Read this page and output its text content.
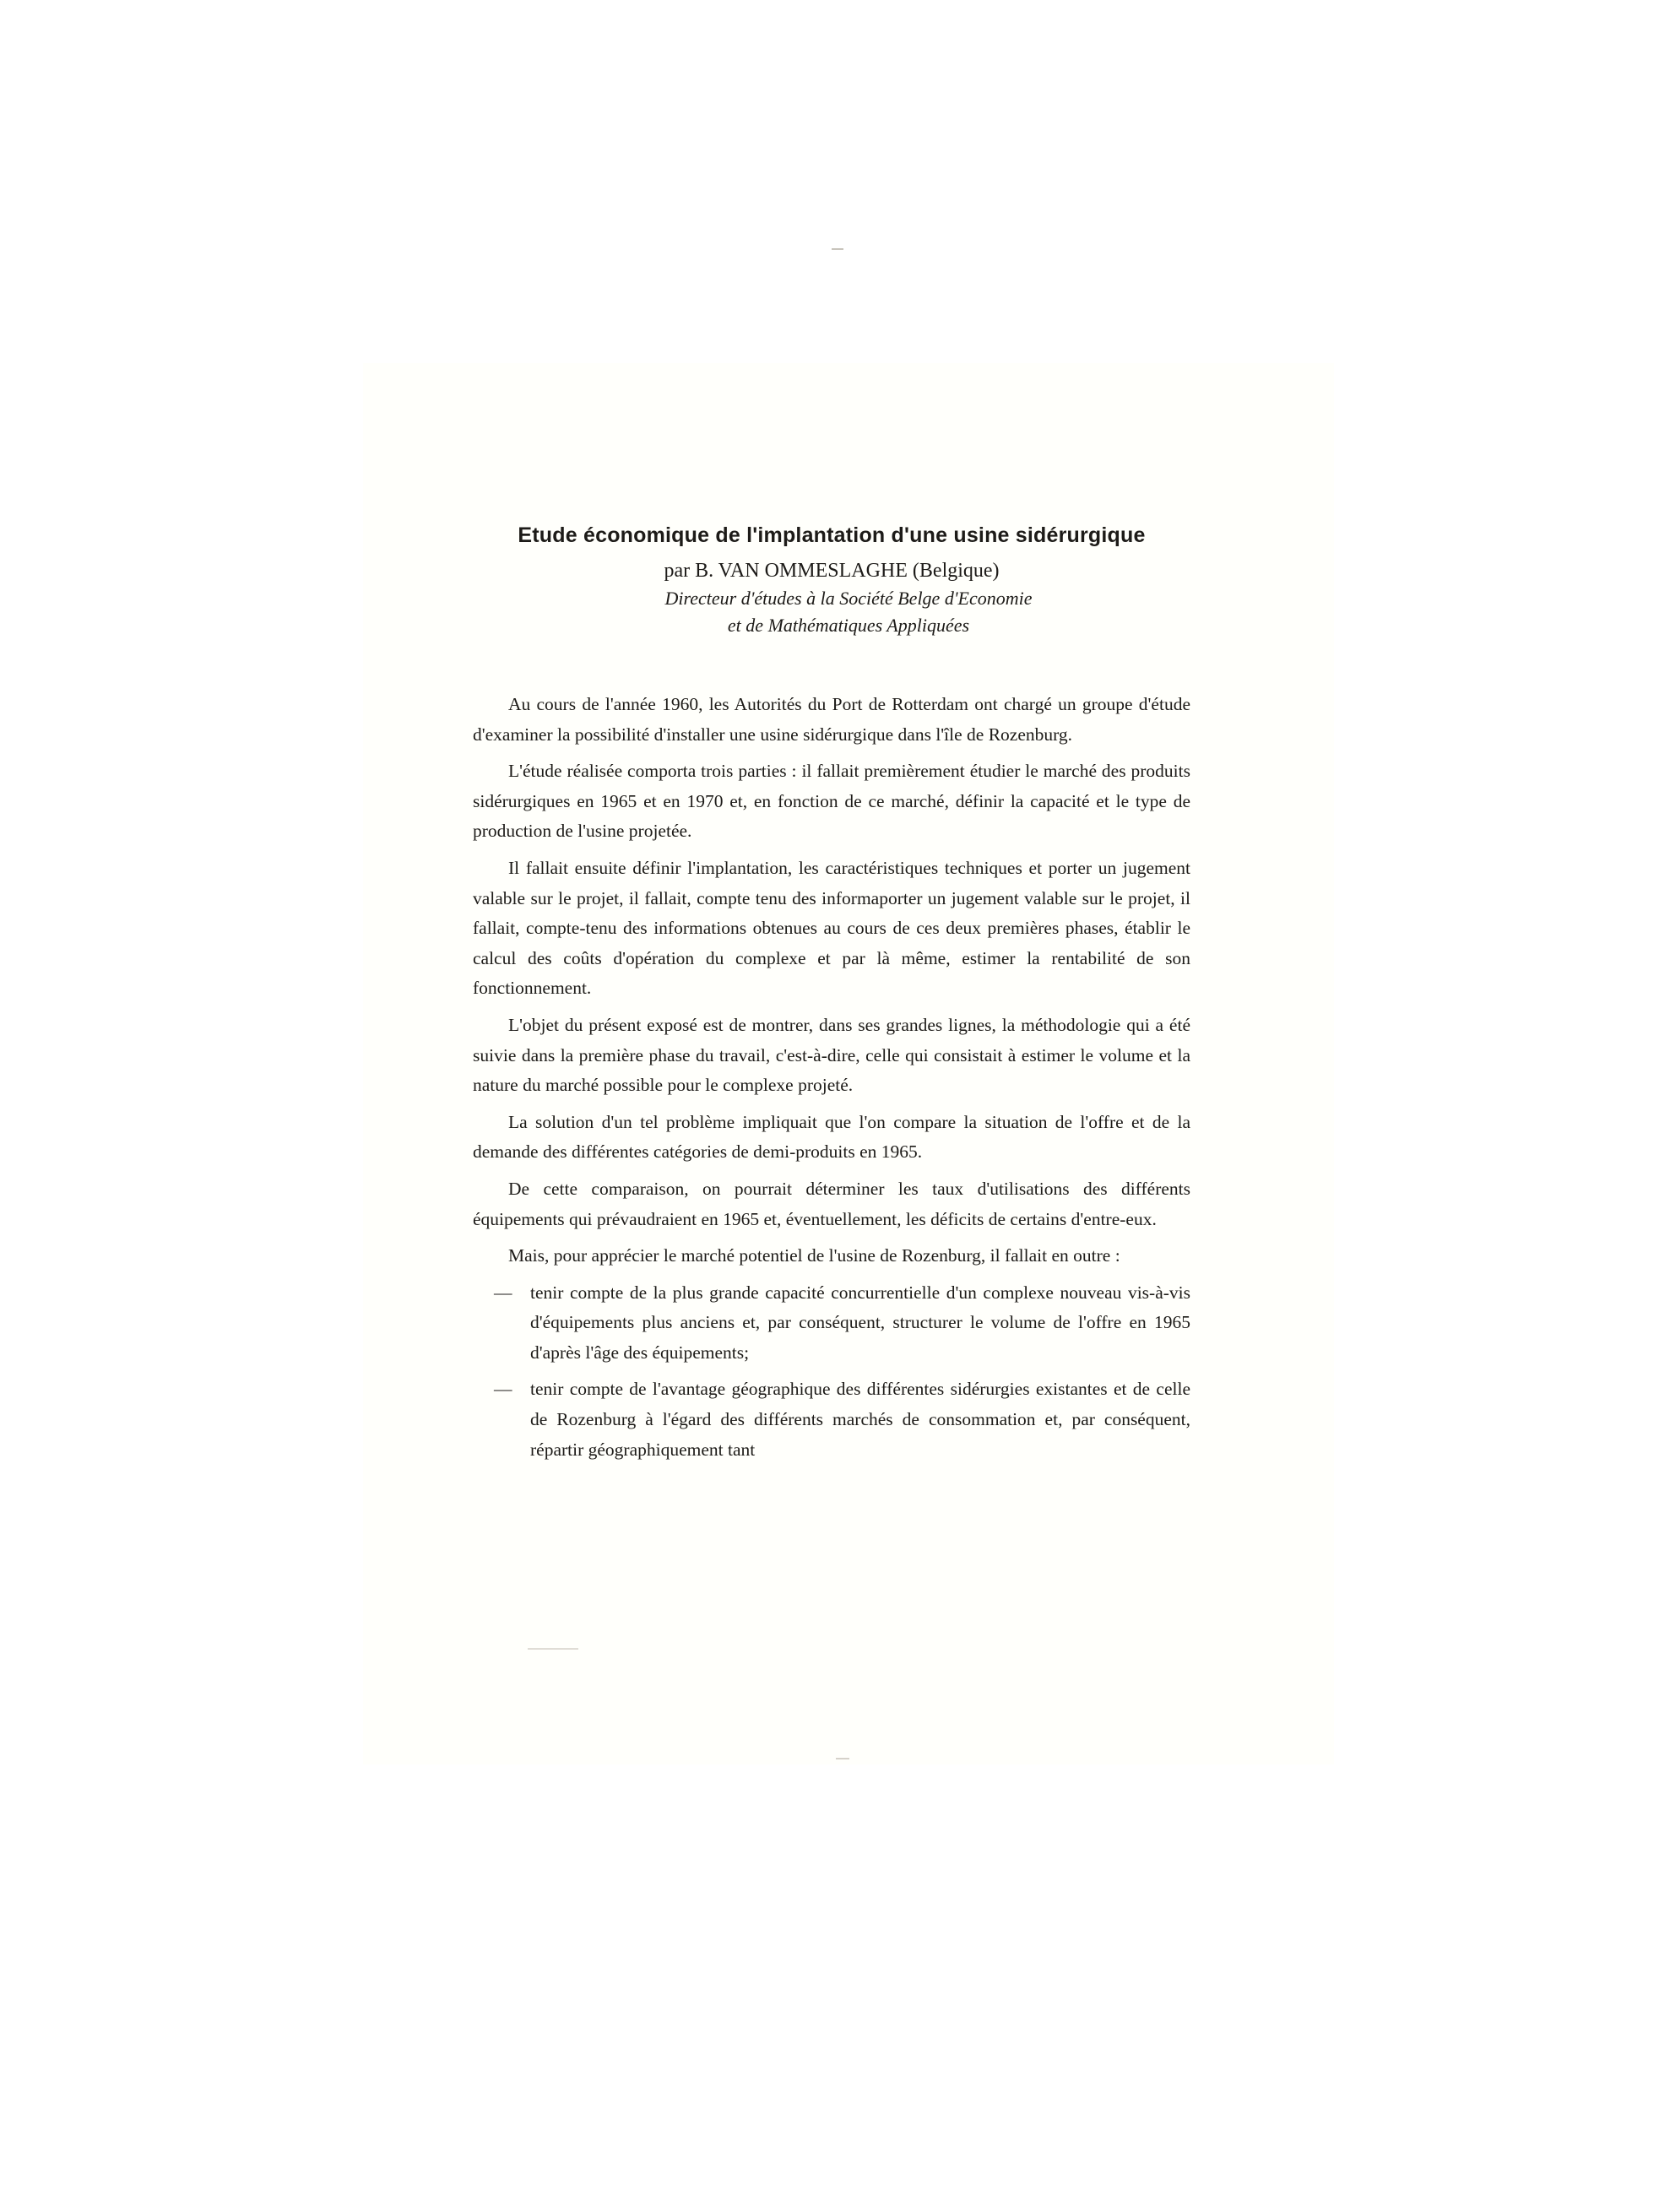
Etude économique de l'implantation d'une usine sidérurgique

par B. VAN OMMESLAGHE (Belgique)

Directeur d'études à la Société Belge d'Economie

et de Mathématiques Appliquées

Au cours de l'année 1960, les Autorités du Port de Rotterdam ont chargé un groupe d'étude d'examiner la possibilité d'installer une usine sidérurgique dans l'île de Rozenburg.

L'étude réalisée comporta trois parties : il fallait premièrement étudier le marché des produits sidérurgiques en 1965 et en 1970 et, en fonction de ce marché, définir la capacité et le type de production de l'usine projetée.

Il fallait ensuite définir l'implantation, les caractéristiques techniques et porter un jugement valable sur le projet, il fallait, compte tenu des informaporter un jugement valable sur le projet, il fallait, compte-tenu des informations obtenues au cours de ces deux premières phases, établir le calcul des coûts d'opération du complexe et par là même, estimer la rentabilité de son fonctionnement.

L'objet du présent exposé est de montrer, dans ses grandes lignes, la méthodologie qui a été suivie dans la première phase du travail, c'est-à-dire, celle qui consistait à estimer le volume et la nature du marché possible pour le complexe projeté.

La solution d'un tel problème impliquait que l'on compare la situation de l'offre et de la demande des différentes catégories de demi-produits en 1965.

De cette comparaison, on pourrait déterminer les taux d'utilisations des différents équipements qui prévaudraient en 1965 et, éventuellement, les déficits de certains d'entre-eux.

Mais, pour apprécier le marché potentiel de l'usine de Rozenburg, il fallait en outre :

— tenir compte de la plus grande capacité concurrentielle d'un complexe nouveau vis-à-vis d'équipements plus anciens et, par conséquent, structurer le volume de l'offre en 1965 d'après l'âge des équipements;
— tenir compte de l'avantage géographique des différentes sidérurgies existantes et de celle de Rozenburg à l'égard des différents marchés de consommation et, par conséquent, répartir géographiquement tant
